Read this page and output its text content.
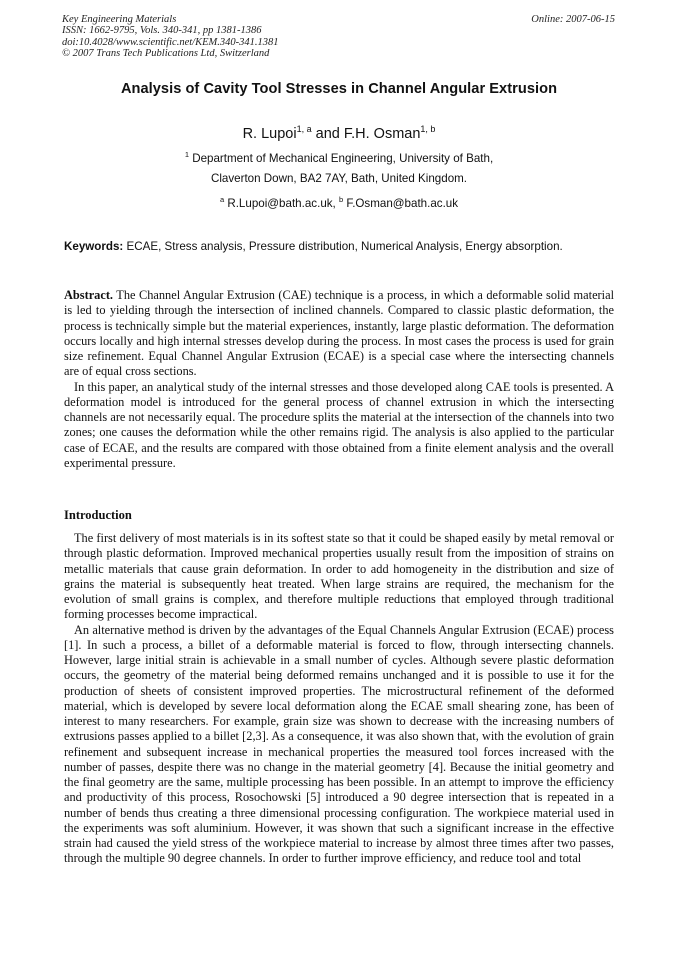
Key Engineering Materials
ISSN: 1662-9795, Vols. 340-341, pp 1381-1386
doi:10.4028/www.scientific.net/KEM.340-341.1381
© 2007 Trans Tech Publications Ltd, Switzerland
Online: 2007-06-15
Analysis of Cavity Tool Stresses in Channel Angular Extrusion
R. Lupoi$^{1, a}$ and F.H. Osman$^{1, b}$
$^1$ Department of Mechanical Engineering, University of Bath,
Claverton Down, BA2 7AY, Bath, United Kingdom.
$^a$ R.Lupoi@bath.ac.uk, $^b$ F.Osman@bath.ac.uk
Keywords: ECAE, Stress analysis, Pressure distribution, Numerical Analysis, Energy absorption.

Abstract. The Channel Angular Extrusion (CAE) technique is a process, in which a deformable solid material is led to yielding through the intersection of inclined channels. Compared to classic plastic deformation, the process is technically simple but the material experiences, instantly, large plastic deformation. The deformation occurs locally and high internal stresses develop during the process. In most cases the process is used for grain size refinement. Equal Channel Angular Extrusion (ECAE) is a special case where the intersecting channels are of equal cross sections.

In this paper, an analytical study of the internal stresses and those developed along CAE tools is presented. A deformation model is introduced for the general process of channel extrusion in which the intersecting channels are not necessarily equal. The procedure splits the material at the intersection of the channels into two zones; one causes the deformation while the other remains rigid. The analysis is also applied to the particular case of ECAE, and the results are compared with those obtained from a finite element analysis and the overall experimental pressure.

Introduction

The first delivery of most materials is in its softest state so that it could be shaped easily by metal removal or through plastic deformation. Improved mechanical properties usually result from the imposition of strains on metallic materials that cause grain deformation. In order to add homogeneity in the distribution and size of grains the material is subsequently heat treated. When large strains are required, the mechanism for the evolution of small grains is complex, and therefore multiple reductions that employed through traditional forming processes become impractical.

An alternative method is driven by the advantages of the Equal Channels Angular Extrusion (ECAE) process [1]. In such a process, a billet of a deformable material is forced to flow, through intersecting channels. However, large initial strain is achievable in a small number of cycles. Although severe plastic deformation occurs, the geometry of the material being deformed remains unchanged and it is possible to use it for the production of sheets of consistent improved properties. The microstructural refinement of the deformed material, which is developed by severe local deformation along the ECAE small shearing zone, has been of interest to many researchers. For example, grain size was shown to decrease with the increasing numbers of extrusions passes applied to a billet [2,3]. As a consequence, it was also shown that, with the evolution of grain refinement and subsequent increase in mechanical properties the measured tool forces increased with the number of passes, despite there was no change in the material geometry [4]. Because the initial geometry and the final geometry are the same, multiple processing has been possible. In an attempt to improve the efficiency and productivity of this process, Rosochowski [5] introduced a 90 degree intersection that is repeated in a number of bends thus creating a three dimensional processing configuration. The workpiece material used in the experiments was soft aluminium. However, it was shown that such a significant increase in the effective strain had caused the yield stress of the workpiece material to increase by almost three times after two passes, through the multiple 90 degree channels. In order to further improve efficiency, and reduce tool and total
